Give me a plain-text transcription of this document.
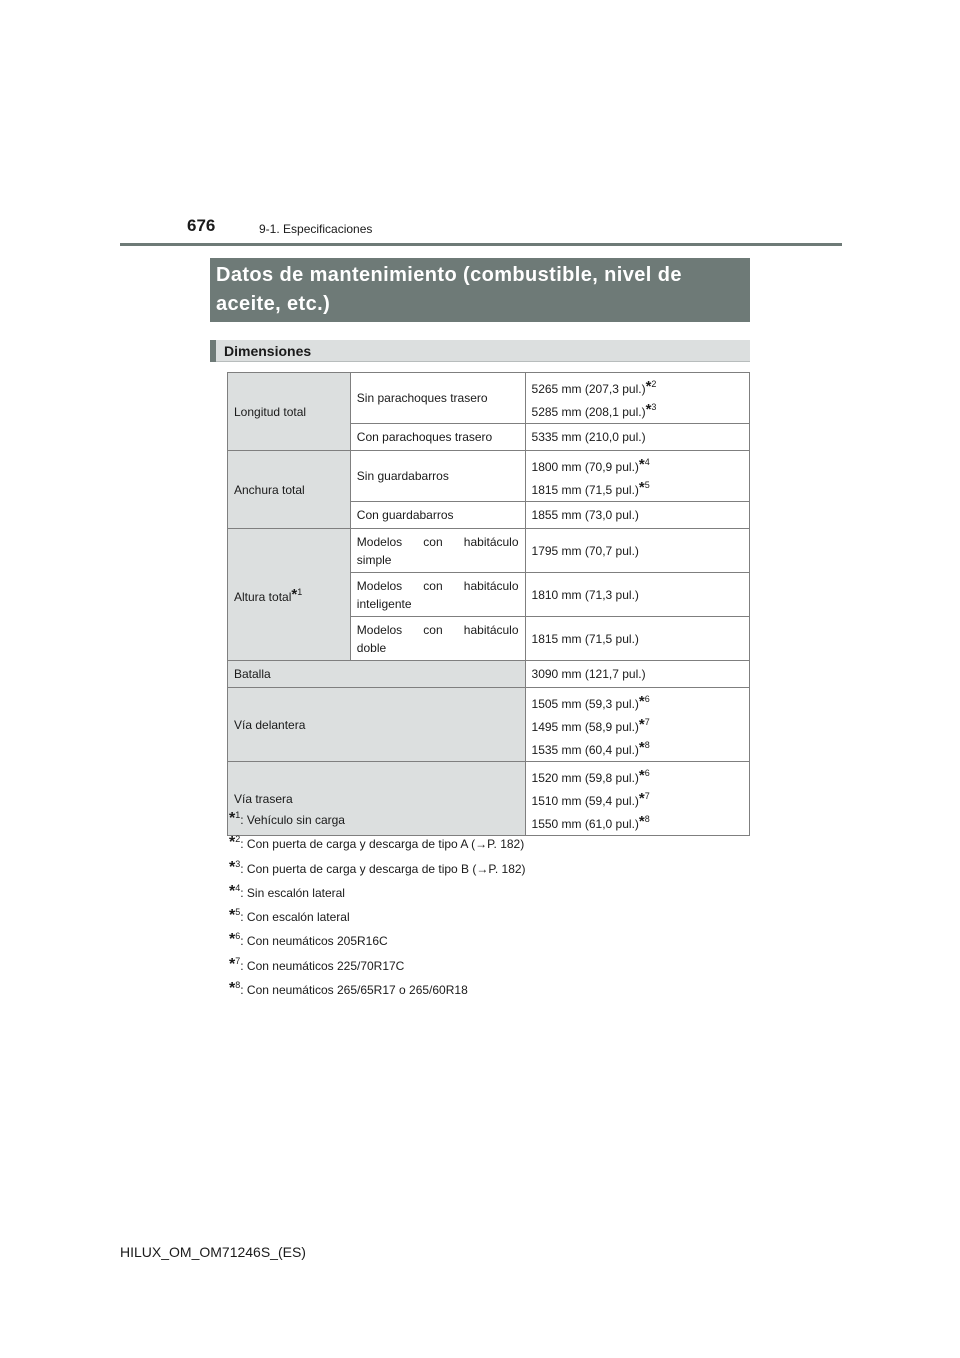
676	9-1. Especificaciones
Datos de mantenimiento (combustible, nivel de aceite, etc.)
Dimensiones
Longitud total	Sin parachoques trasero	5265 mm (207,3 pul.)*$^2$
5285 mm (208,1 pul.)*$^3$
	Con parachoques trasero	5335 mm (210,0 pul.)
Anchura total	Sin guardabarros	1800 mm (70,9 pul.)*$^4$
1815 mm (71,5 pul.)*$^5$
	Con guardabarros	1855 mm (73,0 pul.)
Altura total*$^1$	Modelos con habitáculo
simple	1795 mm (70,7 pul.)
	Modelos con habitáculo
inteligente	1810 mm (71,3 pul.)
	Modelos con habitáculo
doble	1815 mm (71,5 pul.)
Batalla		3090 mm (121,7 pul.)
Vía delantera		1505 mm (59,3 pul.)*$^6$
1495 mm (58,9 pul.)*$^7$
1535 mm (60,4 pul.)*$^8$
Vía trasera		1520 mm (59,8 pul.)*$^6$
1510 mm (59,4 pul.)*$^7$
1550 mm (61,0 pul.)*$^8$
*$^1$: Vehículo sin carga
*$^2$: Con puerta de carga y descarga de tipo A (→P. 182)
*$^3$: Con puerta de carga y descarga de tipo B (→P. 182)
*$^4$: Sin escalón lateral
*$^5$: Con escalón lateral
*$^6$: Con neumáticos 205R16C
*$^7$: Con neumáticos 225/70R17C
*$^8$: Con neumáticos 265/65R17 o 265/60R18
HILUX_OM_OM71246S_(ES)
